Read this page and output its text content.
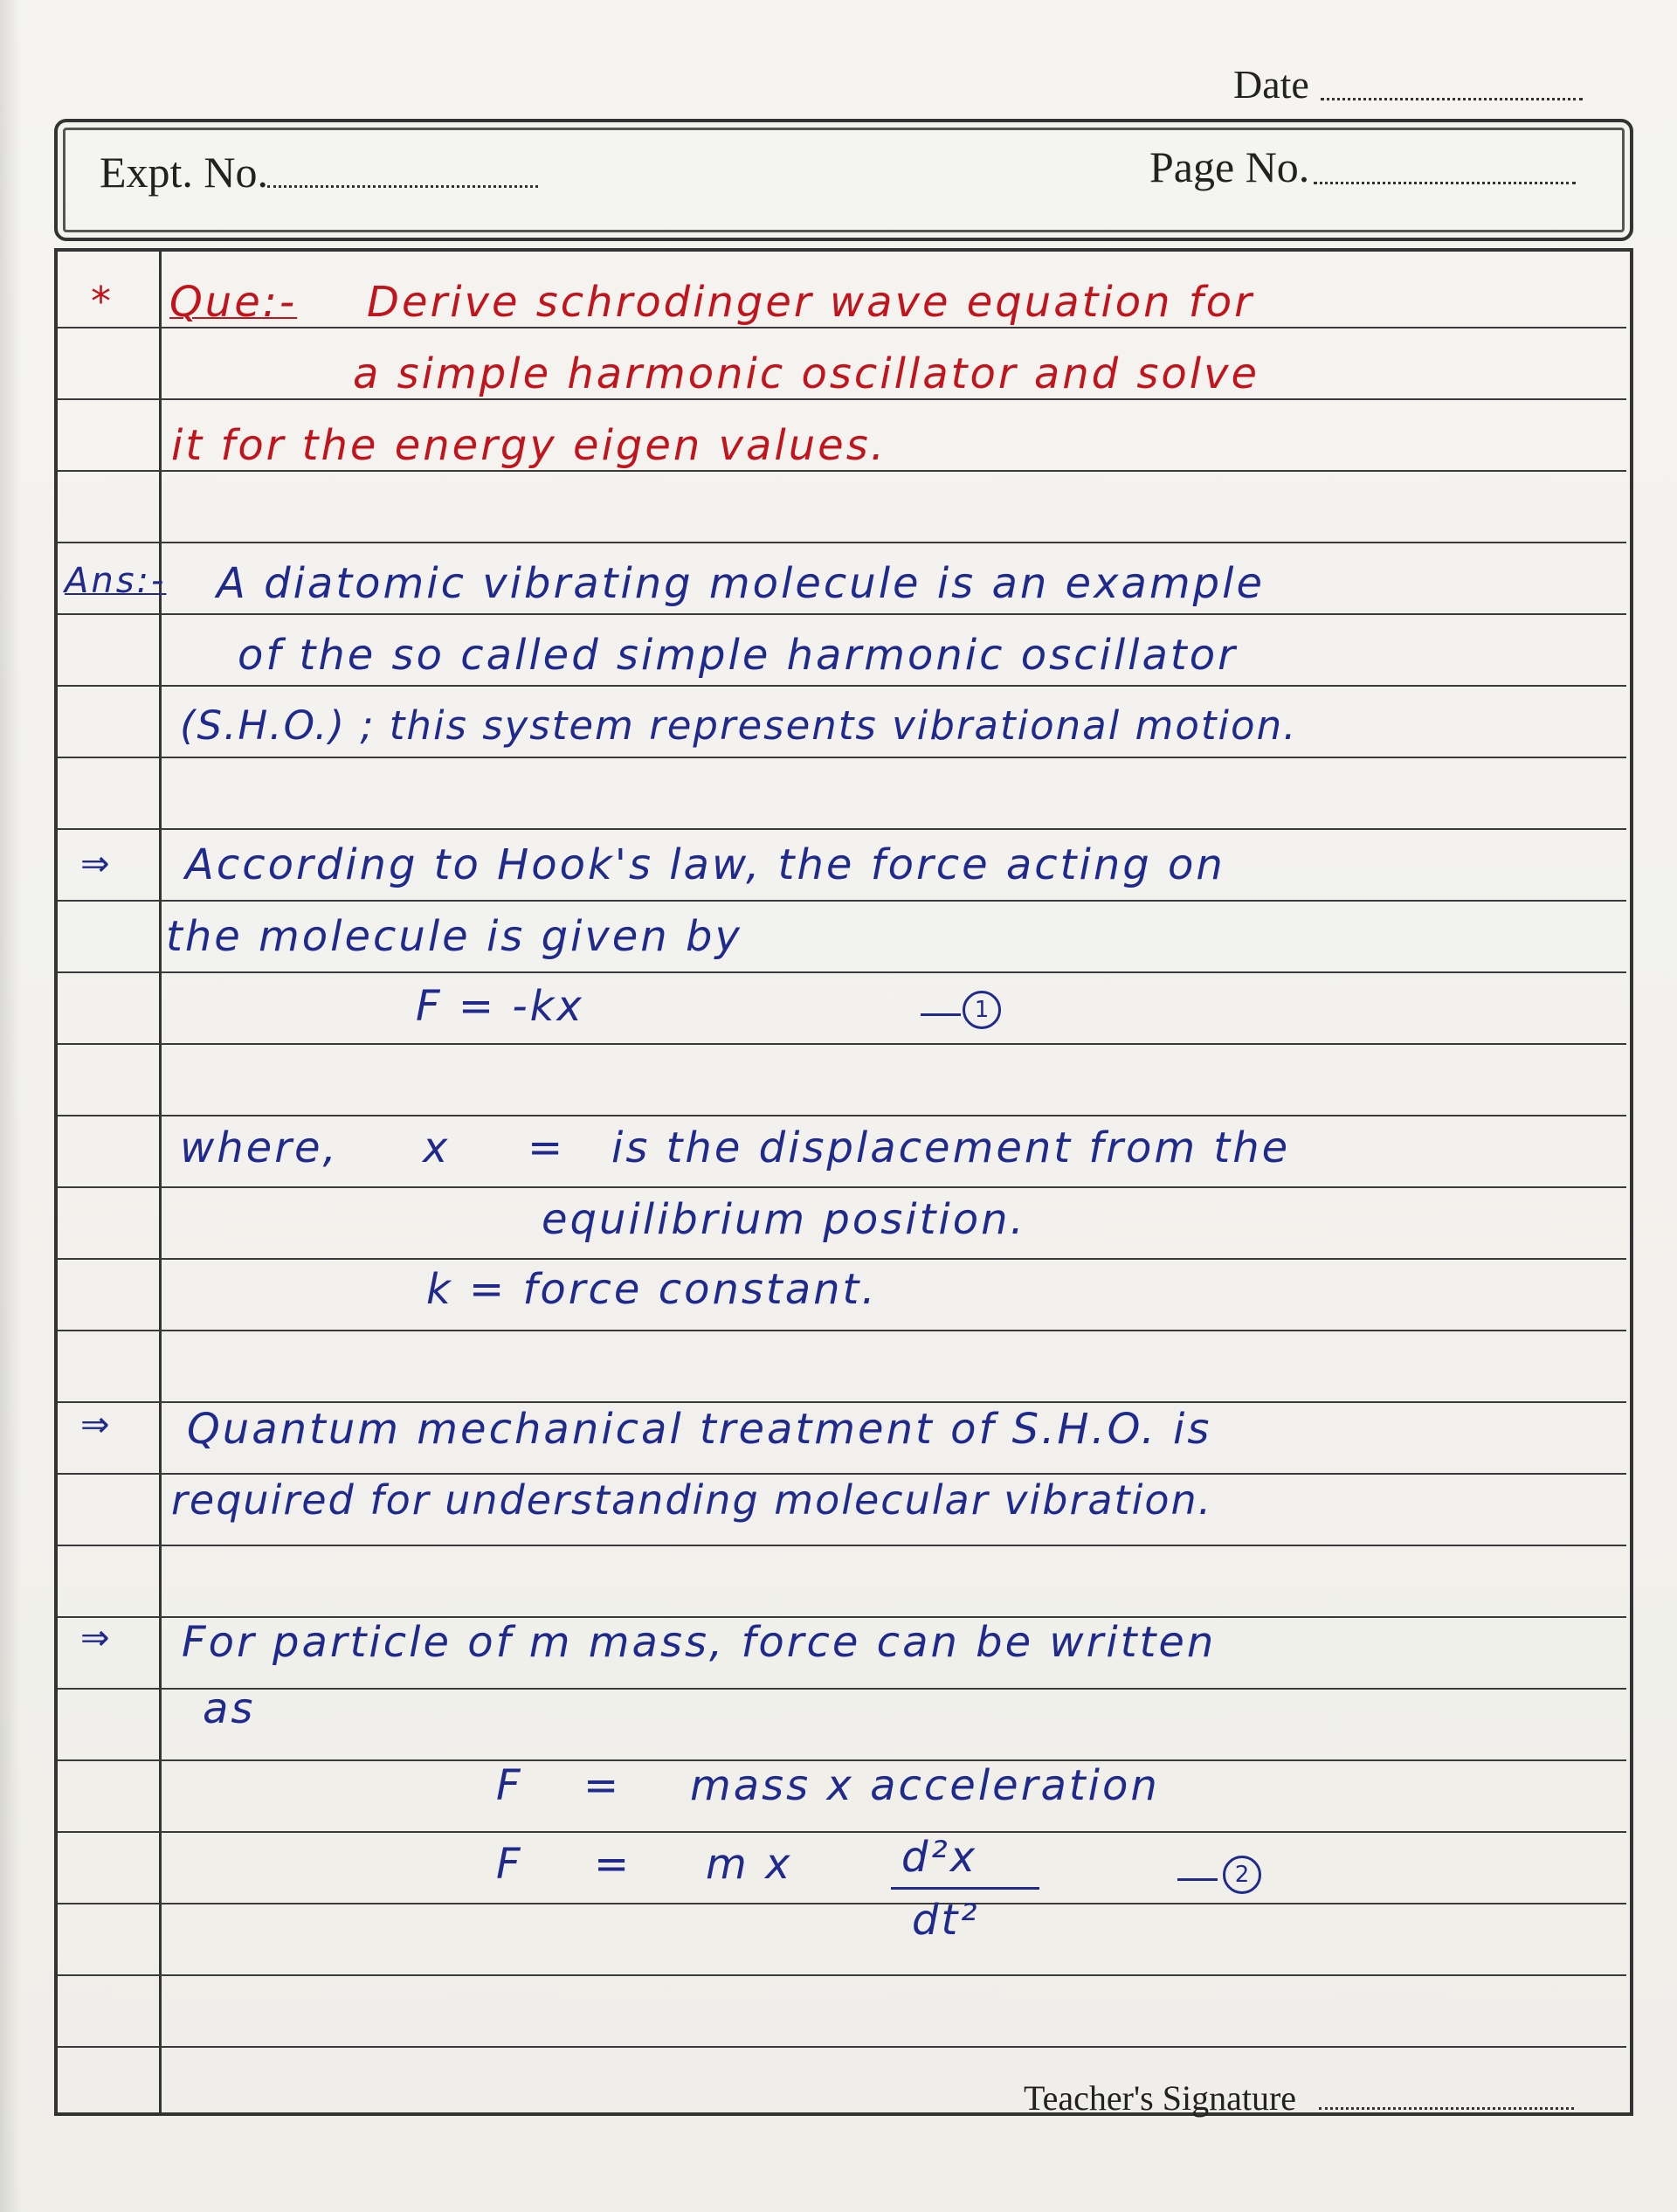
Date
Expt. No.	Page No.
* Que:- Derive schrodinger wave equation for
a simple harmonic oscillator and solve
it for the energy eigen values.
Ans:- A diatomic vibrating molecule is an example
of the so called simple harmonic oscillator
(S.H.O.) ; this system represents vibrational motion.
⇒ According to Hook's law, the force acting on
the molecule is given by
F = -kx	1
where, x = is the displacement from the
equilibrium position.
k = force constant.
⇒ Quantum mechanical treatment of S.H.O. is
required for understanding molecular vibration.
⇒ For particle of m mass, force can be written
as
F = mass x acceleration
F = m x	d²x
dt²
2
Teacher's Signature
